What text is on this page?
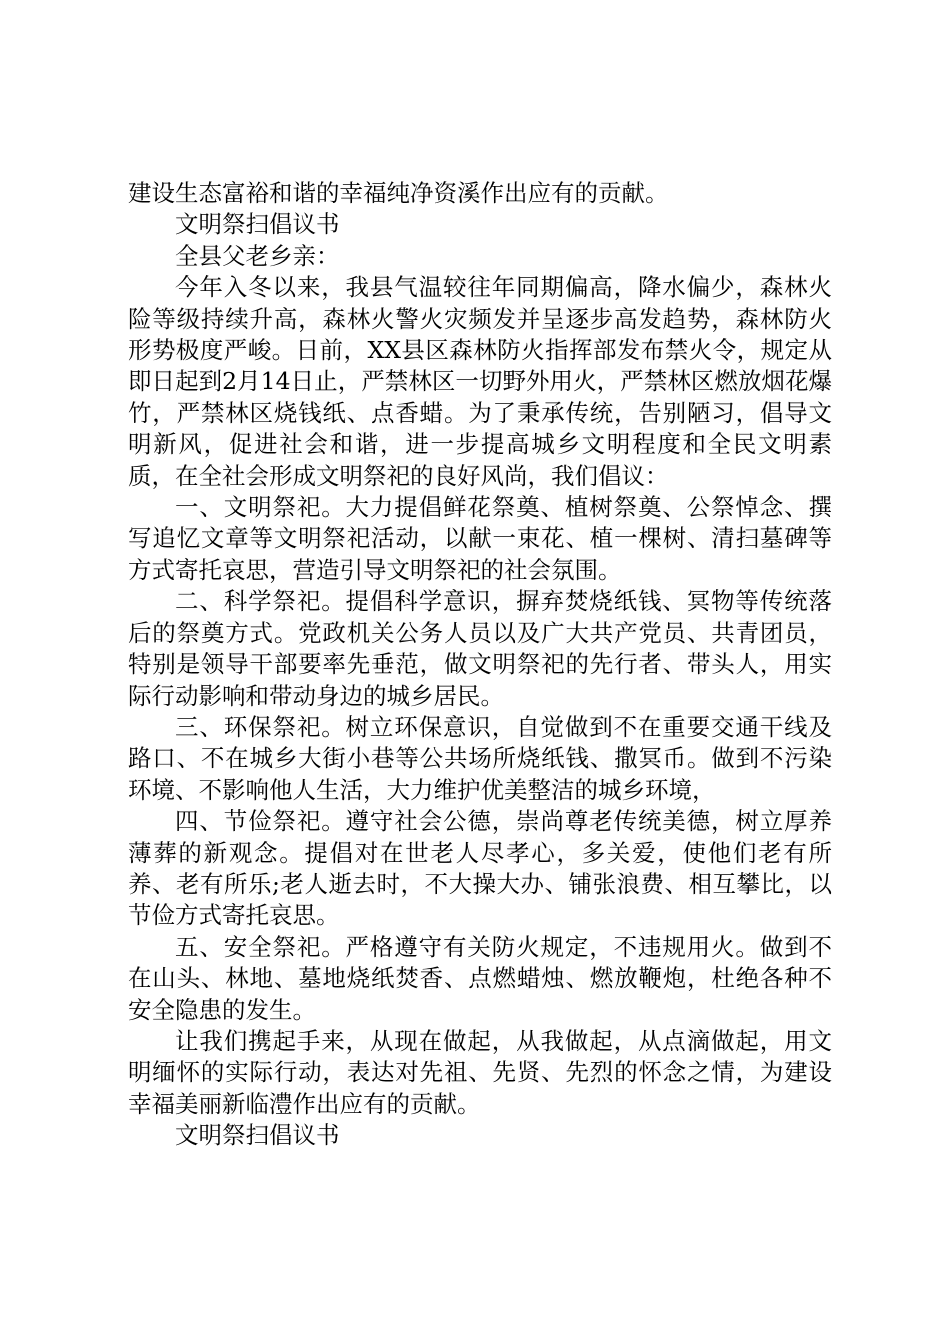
建设生态富裕和谐的幸福纯净资溪作出应有的贡献。

文明祭扫倡议书

全县父老乡亲：

今年入冬以来，我县气温较往年同期偏高，降水偏少，森林火险等级持续升高，森林火警火灾频发并呈逐步高发趋势，森林防火形势极度严峻。日前，XX县区森林防火指挥部发布禁火令，规定从即日起到2月14日止，严禁林区一切野外用火，严禁林区燃放烟花爆竹，严禁林区烧钱纸、点香蜡。为了秉承传统，告别陋习，倡导文明新风，促进社会和谐，进一步提高城乡文明程度和全民文明素质，在全社会形成文明祭祀的良好风尚，我们倡议：

一、文明祭祀。大力提倡鲜花祭奠、植树祭奠、公祭悼念、撰写追忆文章等文明祭祀活动，以献一束花、植一棵树、清扫墓碑等方式寄托哀思，营造引导文明祭祀的社会氛围。

二、科学祭祀。提倡科学意识，摒弃焚烧纸钱、冥物等传统落后的祭奠方式。党政机关公务人员以及广大共产党员、共青团员，特别是领导干部要率先垂范，做文明祭祀的先行者、带头人，用实际行动影响和带动身边的城乡居民。

三、环保祭祀。树立环保意识，自觉做到不在重要交通干线及路口、不在城乡大街小巷等公共场所烧纸钱、撒冥币。做到不污染环境、不影响他人生活，大力维护优美整洁的城乡环境，

四、节俭祭祀。遵守社会公德，崇尚尊老传统美德，树立厚养薄葬的新观念。提倡对在世老人尽孝心，多关爱，使他们老有所养、老有所乐;老人逝去时，不大操大办、铺张浪费、相互攀比，以节俭方式寄托哀思。

五、安全祭祀。严格遵守有关防火规定，不违规用火。做到不在山头、林地、墓地烧纸焚香、点燃蜡烛、燃放鞭炮，杜绝各种不安全隐患的发生。

让我们携起手来，从现在做起，从我做起，从点滴做起，用文明缅怀的实际行动，表达对先祖、先贤、先烈的怀念之情，为建设幸福美丽新临澧作出应有的贡献。

文明祭扫倡议书
